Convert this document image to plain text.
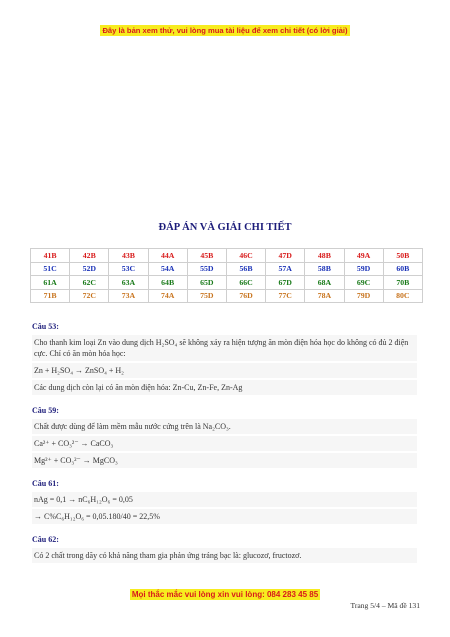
Đây là bản xem thử, vui lòng mua tài liệu để xem chi tiết (có lời giải)
ĐÁP ÁN VÀ GIẢI CHI TIẾT
41B	42B	43B	44A	45B	46C	47D	48B	49A	50B
51C	52D	53C	54A	55D	56B	57A	58B	59D	60B
61A	62C	63A	64B	65D	66C	67D	68A	69C	70B
71B	72C	73A	74A	75D	76D	77C	78A	79D	80C
Câu 53:
Cho thanh kim loại Zn vào dung dịch H₂SO₄ sẽ không xảy ra hiện tượng ăn mòn điện hóa học do không có đủ 2 điện cực. Chỉ có ăn mòn hóa học:
Zn + H₂SO₄ → ZnSO₄ + H₂
Các dung dịch còn lại có ăn mòn điện hóa: Zn-Cu, Zn-Fe, Zn-Ag
Câu 59:
Chất được dùng để làm mềm mẫu nước cứng trên là Na₂CO₃.
Ca²⁺ + CO₃²⁻ → CaCO₃
Mg²⁺ + CO₃²⁻ → MgCO₃
Câu 61:
nAg = 0,1 → nC₆H₁₂O₆ = 0,05
→ C%C₆H₁₂O₆ = 0,05.180/40 = 22,5%
Câu 62:
Có 2 chất trong dãy có khả năng tham gia phản ứng tráng bạc là: glucozơ, fructozơ.
Mọi thắc mắc vui lòng xin vui lòng: 084 283 45 85
Trang 5/4 – Mã đề 131
